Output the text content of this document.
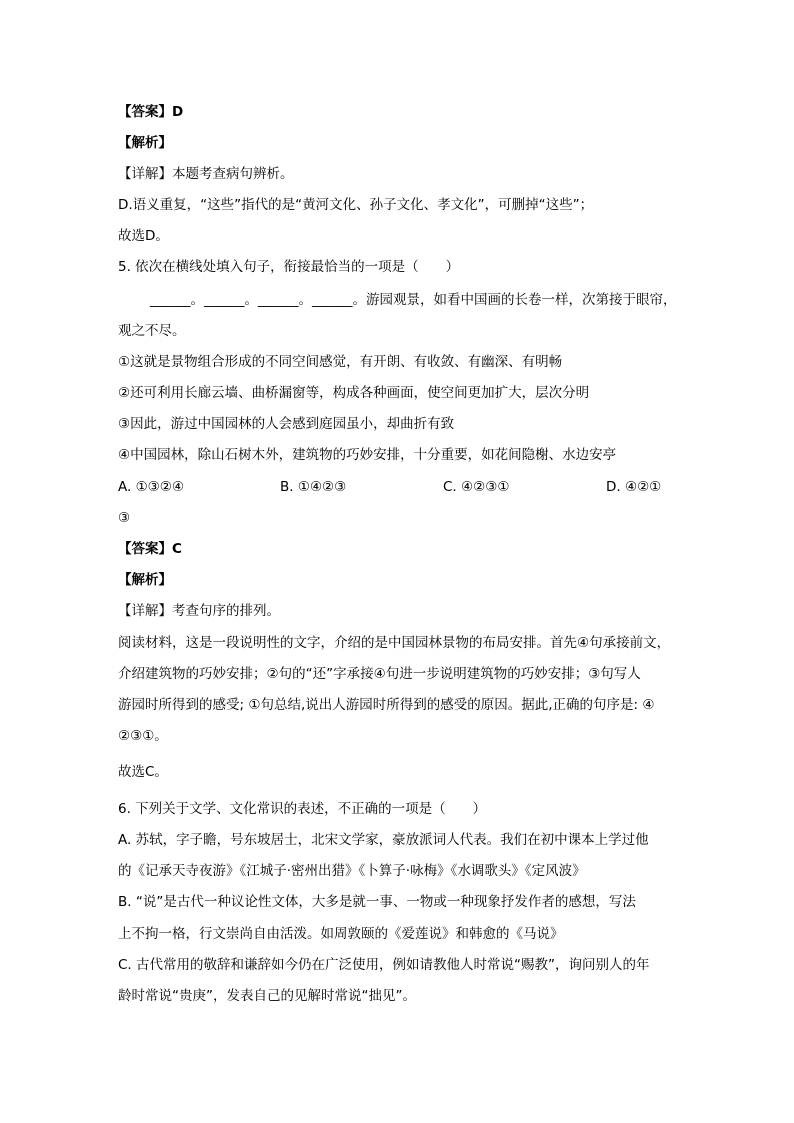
【答案】D
【解析】
【详解】本题考查病句辨析。
D.语义重复，“这些”指代的是“黄河文化、孙子文化、孝文化”，可删掉“这些”；
故选D。
5. 依次在横线处填入句子，衔接最恰当的一项是（　　）
______。______。______。______。游园观景，如看中国画的长卷一样，次第接于眼帘，
观之不尽。
①这就是景物组合形成的不同空间感觉，有开朗、有收敛、有幽深、有明畅
②还可利用长廊云墙、曲桥漏窗等，构成各种画面，使空间更加扩大，层次分明
③因此，游过中国园林的人会感到庭园虽小，却曲折有致
④中国园林，除山石树木外，建筑物的巧妙安排，十分重要，如花间隐榭、水边安亭
A. ①③②④	B. ①④②③	C. ④②③①	D. ④②①
③
【答案】C
【解析】
【详解】考查句序的排列。
阅读材料，这是一段说明性的文字，介绍的是中国园林景物的布局安排。首先④句承接前文，
介绍建筑物的巧妙安排；②句的“还”字承接④句进一步说明建筑物的巧妙安排；③句写人
游园时所得到的感受; ①句总结,说出人游园时所得到的感受的原因。据此,正确的句序是: ④
②③①。
故选C。
6. 下列关于文学、文化常识的表述，不正确的一项是（　　）
A. 苏轼，字子瞻，号东坡居士，北宋文学家，豪放派词人代表。我们在初中课本上学过他
的《记承天寺夜游》《江城子·密州出猎》《卜算子·咏梅》《水调歌头》《定风波》
B. “说”是古代一种议论性文体，大多是就一事、一物或一种现象抒发作者的感想，写法
上不拘一格，行文崇尚自由活泼。如周敦颐的《爱莲说》和韩愈的《马说》
C. 古代常用的敬辞和谦辞如今仍在广泛使用，例如请教他人时常说“赐教”，询问别人的年
龄时常说“贵庚”，发表自己的见解时常说“拙见”。
